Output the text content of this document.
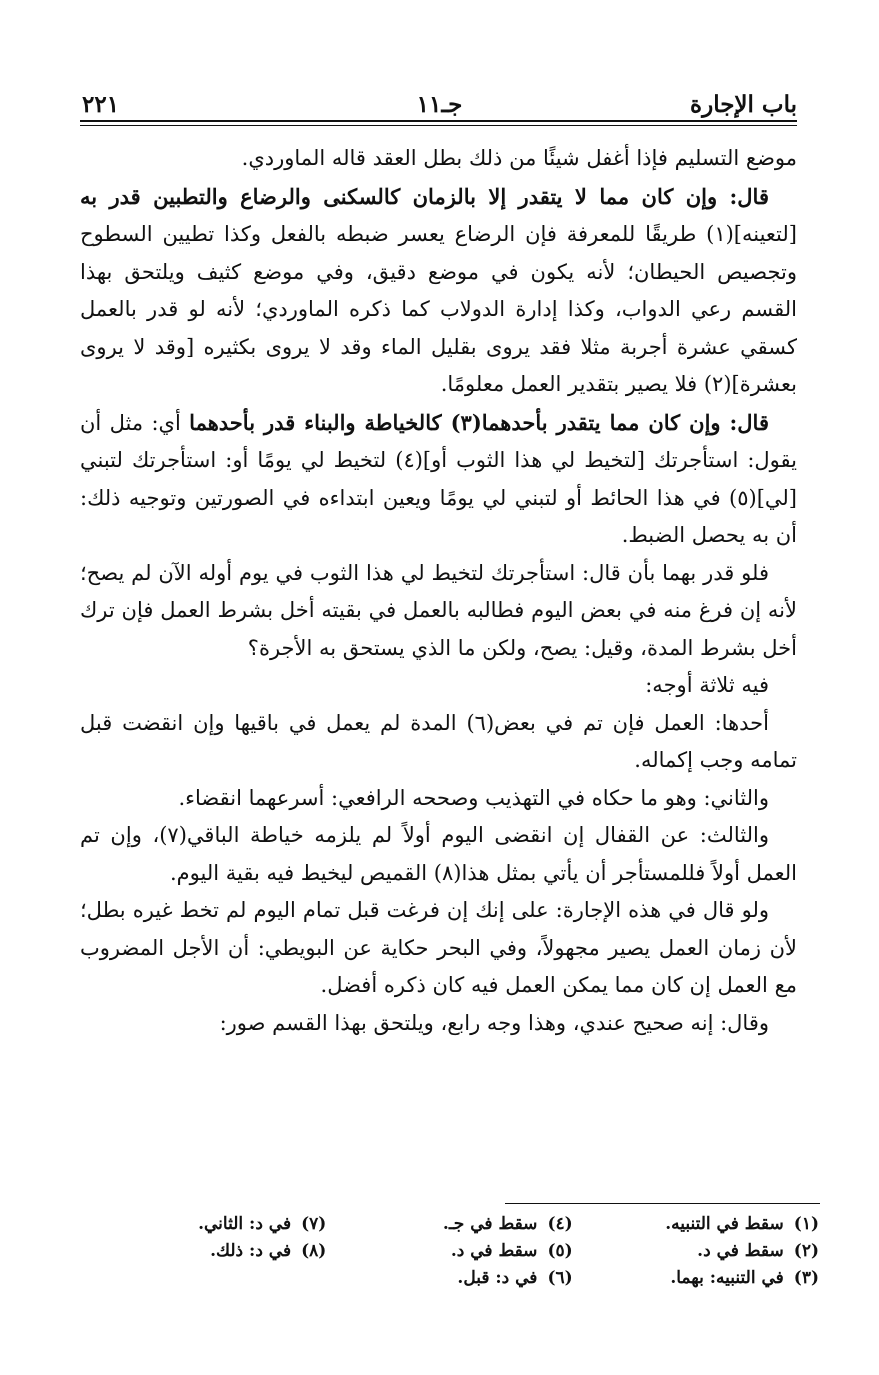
باب الإجارة
جـ١١
٢٢١

موضع التسليم فإذا أغفل شيئًا من ذلك بطل العقد قاله الماوردي.

قال: وإن كان مما لا يتقدر إلا بالزمان كالسكنى والرضاع والتطبين قدر به [لتعينه](١) طريقًا للمعرفة فإن الرضاع يعسر ضبطه بالفعل وكذا تطيين السطوح وتجصيص الحيطان؛ لأنه يكون في موضع دقيق، وفي موضع كثيف ويلتحق بهذا القسم رعي الدواب، وكذا إدارة الدولاب كما ذكره الماوردي؛ لأنه لو قدر بالعمل كسقي عشرة أجربة مثلا فقد يروى بقليل الماء وقد لا يروى بكثيره [وقد لا يروى بعشرة](٢) فلا يصير بتقدير العمل معلومًا.

قال: وإن كان مما يتقدر بأحدهما(٣) كالخياطة والبناء قدر بأحدهما أي: مثل أن يقول: استأجرتك [لتخيط لي هذا الثوب أو](٤) لتخيط لي يومًا أو: استأجرتك لتبني [لي](٥) في هذا الحائط أو لتبني لي يومًا ويعين ابتداءه في الصورتين وتوجيه ذلك: أن به يحصل الضبط.

فلو قدر بهما بأن قال: استأجرتك لتخيط لي هذا الثوب في يوم أوله الآن لم يصح؛ لأنه إن فرغ منه في بعض اليوم فطالبه بالعمل في بقيته أخل بشرط العمل فإن ترك أخل بشرط المدة، وقيل: يصح، ولكن ما الذي يستحق به الأجرة؟

فيه ثلاثة أوجه:

أحدها: العمل فإن تم في بعض(٦) المدة لم يعمل في باقيها وإن انقضت قبل تمامه وجب إكماله.

والثاني: وهو ما حكاه في التهذيب وصححه الرافعي: أسرعهما انقضاء.

والثالث: عن القفال إن انقضى اليوم أولاً لم يلزمه خياطة الباقي(٧)، وإن تم العمل أولاً فللمستأجر أن يأتي بمثل هذا(٨) القميص ليخيط فيه بقية اليوم.

ولو قال في هذه الإجارة: على إنك إن فرغت قبل تمام اليوم لم تخط غيره بطل؛ لأن زمان العمل يصير مجهولاً، وفي البحر حكاية عن البويطي: أن الأجل المضروب مع العمل إن كان مما يمكن العمل فيه كان ذكره أفضل.

وقال: إنه صحيح عندي، وهذا وجه رابع، ويلتحق بهذا القسم صور:

(١)سقط في التنبيه.
(٢)سقط في د.
(٣)في التنبيه: بهما.
(٤)سقط في جـ.
(٥)سقط في د.
(٦)في د: قبل.
(٧)في د: الثاني.
(٨)في د: ذلك.
